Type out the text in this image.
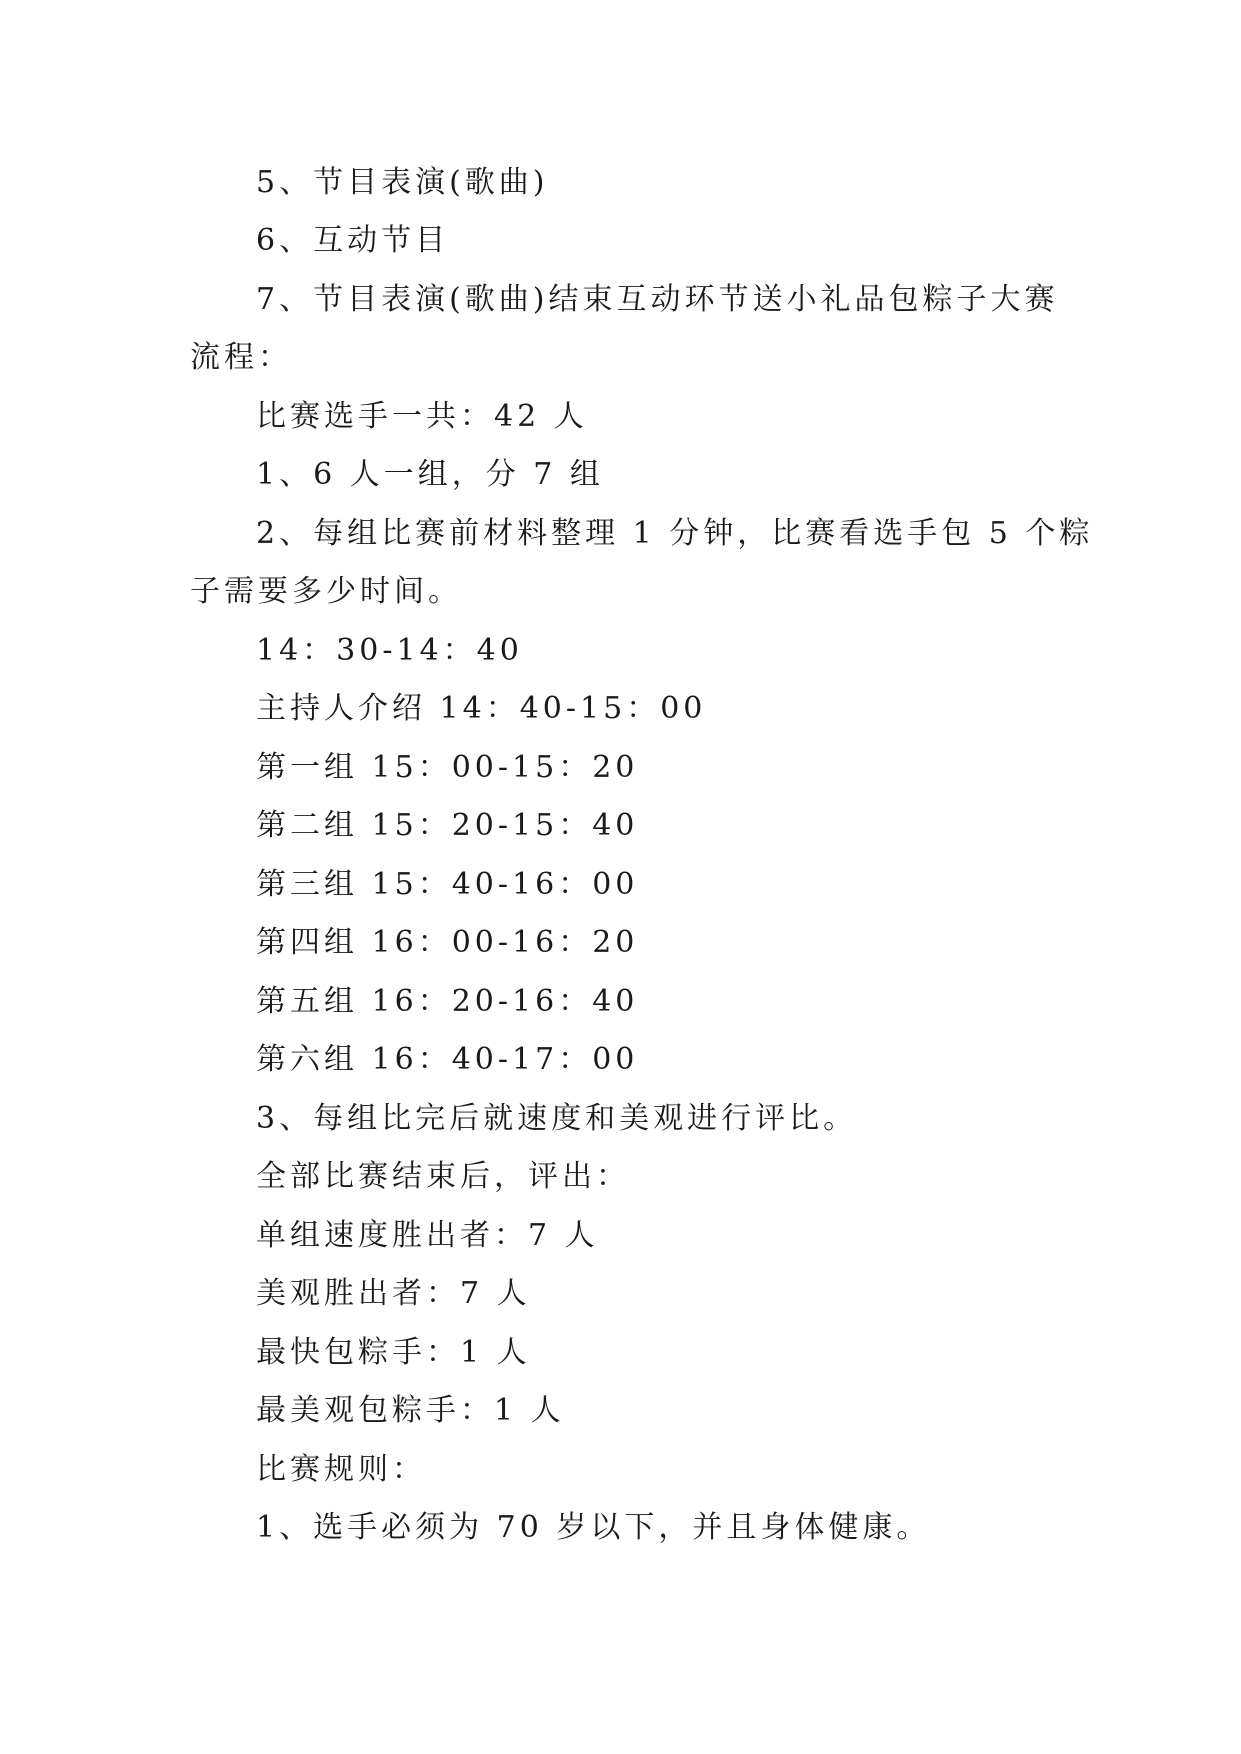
5、节目表演(歌曲)
6、互动节目
7、节目表演(歌曲)结束互动环节送小礼品包粽子大赛
流程：
比赛选手一共：42 人
1、6 人一组，分 7 组
2、每组比赛前材料整理 1 分钟，比赛看选手包 5 个粽
子需要多少时间。
14：30-14：40
主持人介绍 14：40-15：00
第一组 15：00-15：20
第二组 15：20-15：40
第三组 15：40-16：00
第四组 16：00-16：20
第五组 16：20-16：40
第六组 16：40-17：00
3、每组比完后就速度和美观进行评比。
全部比赛结束后，评出：
单组速度胜出者：7 人
美观胜出者：7 人
最快包粽手：1 人
最美观包粽手：1 人
比赛规则：
1、选手必须为 70 岁以下，并且身体健康。
